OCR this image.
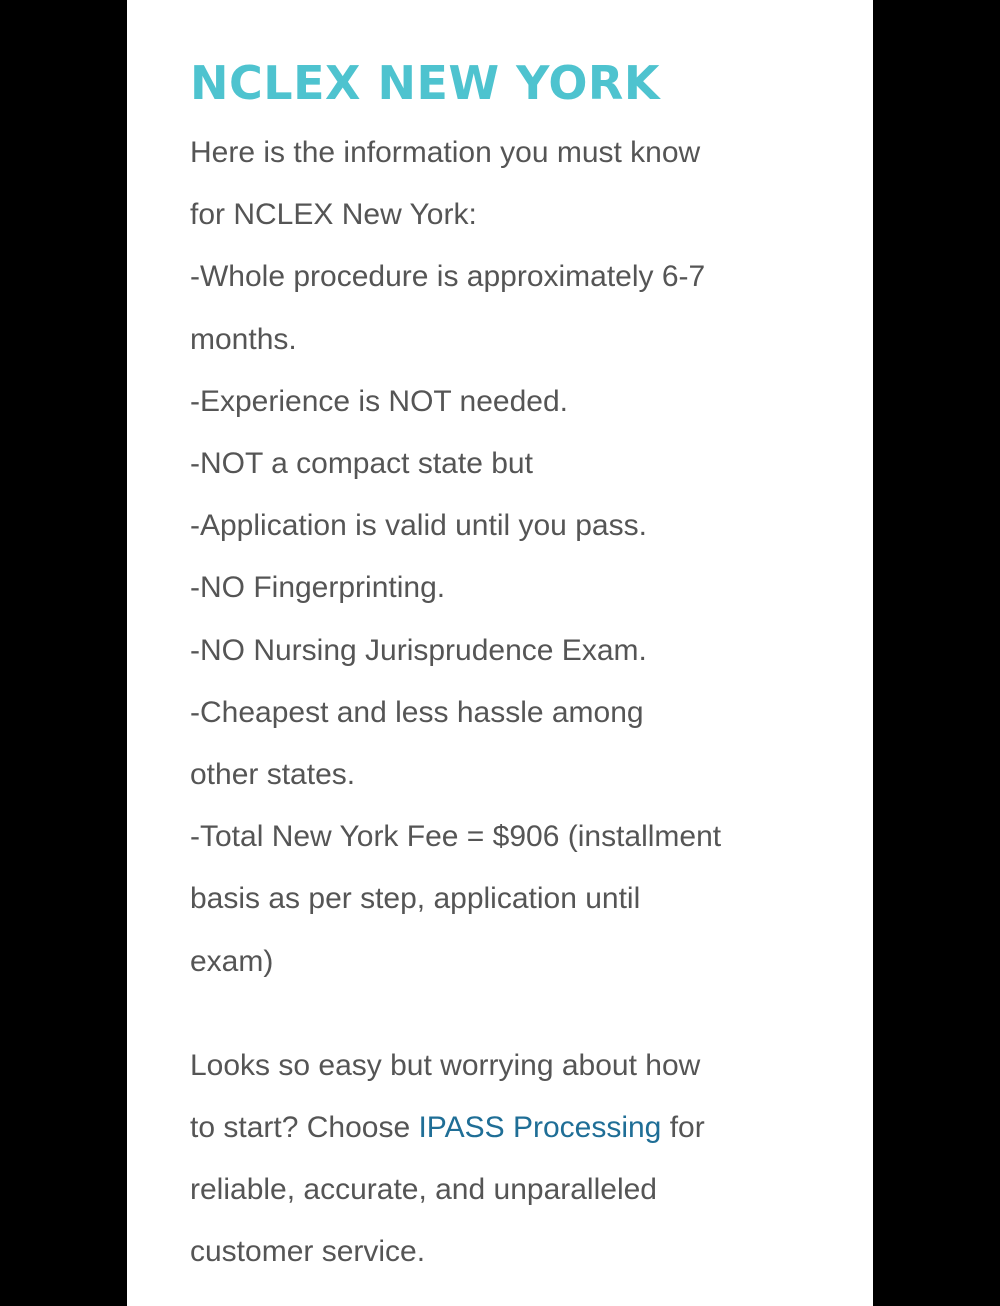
NCLEX NEW YORK
Here is the information you must know
for NCLEX New York:
-Whole procedure is approximately 6-7
months.
-Experience is NOT needed.
-NOT a compact state but
-Application is valid until you pass.
-NO Fingerprinting.
-NO Nursing Jurisprudence Exam.
-Cheapest and less hassle among
other states.
-Total New York Fee = $906 (installment
basis as per step, application until
exam)
Looks so easy but worrying about how
to start? Choose IPASS Processing for
reliable, accurate, and unparalleled
customer service.
